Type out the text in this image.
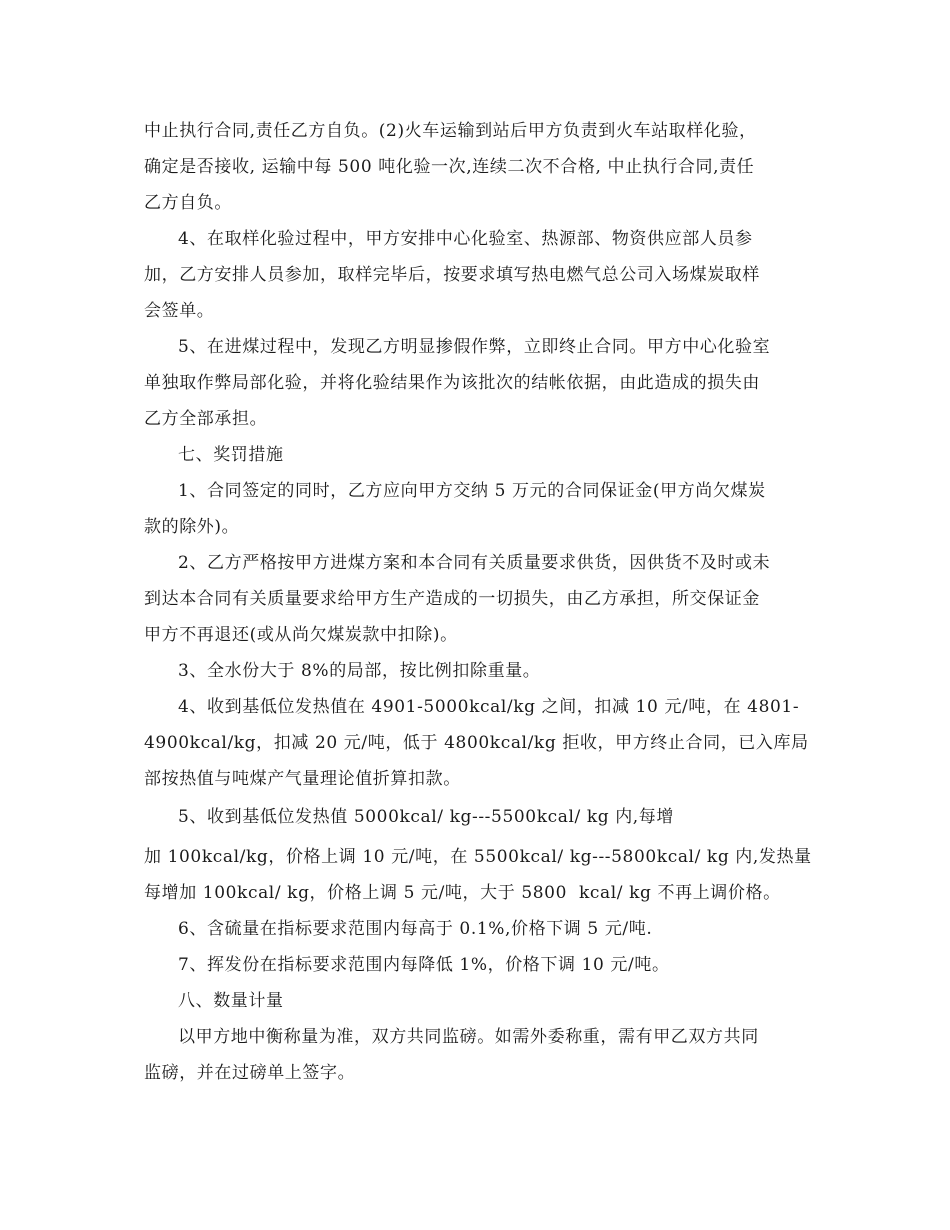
中止执行合同,责任乙方自负。(2)火车运输到站后甲方负责到火车站取样化验，
确定是否接收, 运输中每 500 吨化验一次,连续二次不合格, 中止执行合同,责任
乙方自负。
4、在取样化验过程中，甲方安排中心化验室、热源部、物资供应部人员参
加，乙方安排人员参加，取样完毕后，按要求填写热电燃气总公司入场煤炭取样
会签单。
5、在进煤过程中，发现乙方明显掺假作弊，立即终止合同。甲方中心化验室
单独取作弊局部化验，并将化验结果作为该批次的结帐依据，由此造成的损失由
乙方全部承担。
七、奖罚措施
1、合同签定的同时，乙方应向甲方交纳 5 万元的合同保证金(甲方尚欠煤炭
款的除外)。
2、乙方严格按甲方进煤方案和本合同有关质量要求供货，因供货不及时或未
到达本合同有关质量要求给甲方生产造成的一切损失，由乙方承担，所交保证金
甲方不再退还(或从尚欠煤炭款中扣除)。
3、全水份大于 8%的局部，按比例扣除重量。
4、收到基低位发热值在 4901-5000kcal/kg 之间，扣减 10 元/吨，在 4801-
4900kcal/kg，扣减 20 元/吨，低于 4800kcal/kg 拒收，甲方终止合同，已入库局
部按热值与吨煤产气量理论值折算扣款。
5、收到基低位发热值 5000kcal/ kg---5500kcal/ kg 内,每增
加 100kcal/kg，价格上调 10 元/吨，在 5500kcal/ kg---5800kcal/ kg 内,发热量
每增加 100kcal/ kg，价格上调 5 元/吨，大于 5800  kcal/ kg 不再上调价格。
6、含硫量在指标要求范围内每高于 0.1%,价格下调 5 元/吨.
7、挥发份在指标要求范围内每降低 1%，价格下调 10 元/吨。
八、数量计量
以甲方地中衡称量为准，双方共同监磅。如需外委称重，需有甲乙双方共同
监磅，并在过磅单上签字。
